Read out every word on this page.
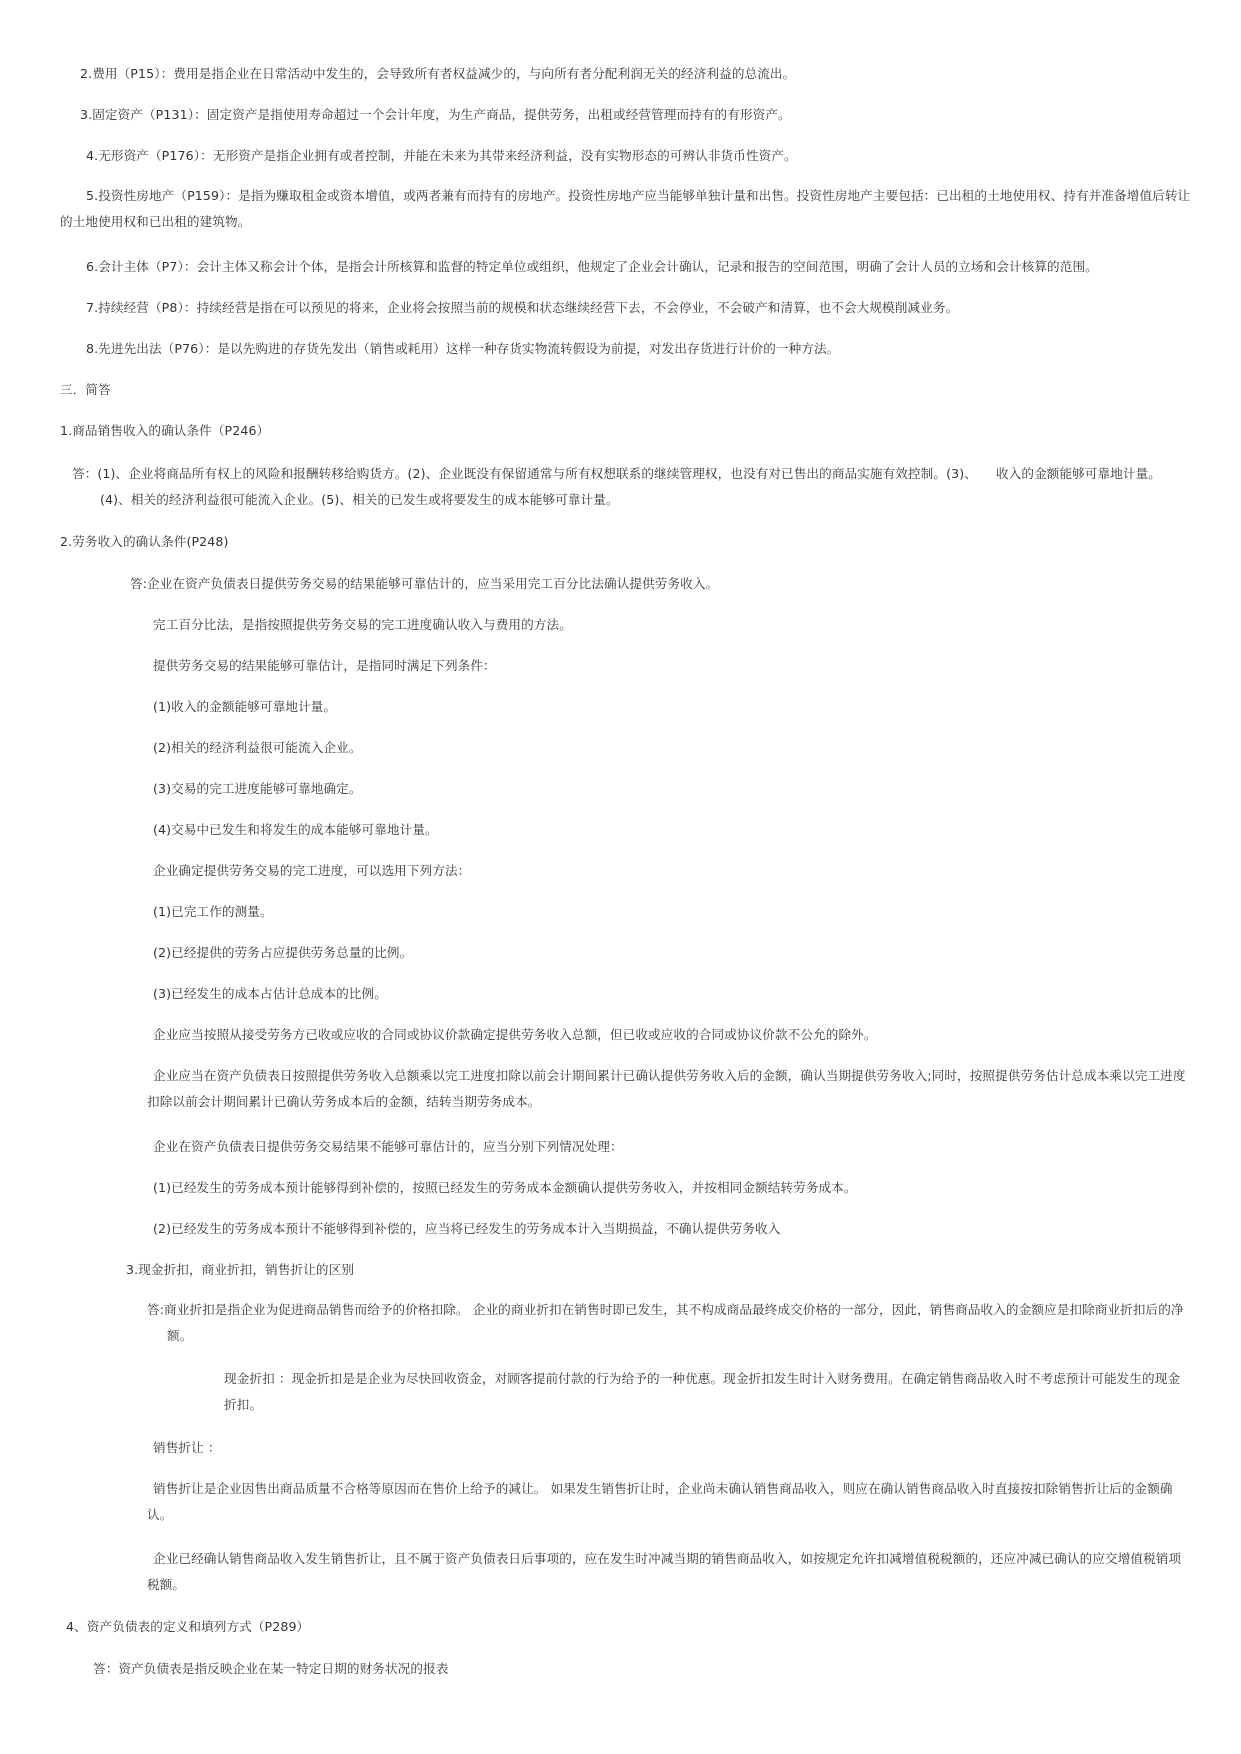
2.费用（P15）：费用是指企业在日常活动中发生的，会导致所有者权益减少的，与向所有者分配利润无关的经济利益的总流出。
3.固定资产（P131）：固定资产是指使用寿命超过一个会计年度，为生产商品，提供劳务，出租或经营管理而持有的有形资产。
4.无形资产（P176）：无形资产是指企业拥有或者控制，并能在未来为其带来经济利益，没有实物形态的可辨认非货币性资产。
5.投资性房地产（P159）：是指为赚取租金或资本增值，或两者兼有而持有的房地产。投资性房地产应当能够单独计量和出售。投资性房地产主要包括：已出租的土地使用权、持有并准备增值后转让的土地使用权和已出租的建筑物。
6.会计主体（P7）：会计主体又称会计个体，是指会计所核算和监督的特定单位或组织，他规定了企业会计确认，记录和报告的空间范围，明确了会计人员的立场和会计核算的范围。
7.持续经营（P8）：持续经营是指在可以预见的将来，企业将会按照当前的规模和状态继续经营下去，不会停业，不会破产和清算，也不会大规模削减业务。
8.先进先出法（P76）：是以先购进的存货先发出（销售或耗用）这样一种存货实物流转假设为前提，对发出存货进行计价的一种方法。
三．简答
1.商品销售收入的确认条件（P246）
答：(1)、企业将商品所有权上的风险和报酬转移给购货方。(2)、企业既没有保留通常与所有权想联系的继续管理权，也没有对已售出的商品实施有效控制。(3)、　　收入的金额能够可靠地计量。(4)、相关的经济利益很可能流入企业。(5)、相关的已发生或将要发生的成本能够可靠计量。
2.劳务收入的确认条件(P248)
答:企业在资产负债表日提供劳务交易的结果能够可靠估计的，应当采用完工百分比法确认提供劳务收入。
完工百分比法，是指按照提供劳务交易的完工进度确认收入与费用的方法。
提供劳务交易的结果能够可靠估计，是指同时满足下列条件：
(1)收入的金额能够可靠地计量。
(2)相关的经济利益很可能流入企业。
(3)交易的完工进度能够可靠地确定。
(4)交易中已发生和将发生的成本能够可靠地计量。
企业确定提供劳务交易的完工进度，可以选用下列方法：
(1)已完工作的测量。
(2)已经提供的劳务占应提供劳务总量的比例。
(3)已经发生的成本占估计总成本的比例。
企业应当按照从接受劳务方已收或应收的合同或协议价款确定提供劳务收入总额，但已收或应收的合同或协议价款不公允的除外。
企业应当在资产负债表日按照提供劳务收入总额乘以完工进度扣除以前会计期间累计已确认提供劳务收入后的金额，确认当期提供劳务收入;同时，按照提供劳务估计总成本乘以完工进度扣除以前会计期间累计已确认劳务成本后的金额，结转当期劳务成本。
企业在资产负债表日提供劳务交易结果不能够可靠估计的，应当分别下列情况处理：
(1)已经发生的劳务成本预计能够得到补偿的，按照已经发生的劳务成本金额确认提供劳务收入，并按相同金额结转劳务成本。
(2)已经发生的劳务成本预计不能够得到补偿的，应当将已经发生的劳务成本计入当期损益，不确认提供劳务收入
3.现金折扣，商业折扣，销售折让的区别
答:商业折扣是指企业为促进商品销售而给予的价格扣除。 企业的商业折扣在销售时即已发生，其不构成商品最终成交价格的一部分，因此，销售商品收入的金额应是扣除商业折扣后的净额。
现金折扣 ：现金折扣是是企业为尽快回收资金，对顾客提前付款的行为给予的一种优惠。现金折扣发生时计入财务费用。在确定销售商品收入时不考虑预计可能发生的现金折扣。
销售折让 ：
销售折让是企业因售出商品质量不合格等原因而在售价上给予的减让。 如果发生销售折让时，企业尚未确认销售商品收入，则应在确认销售商品收入时直接按扣除销售折让后的金额确认。
企业已经确认销售商品收入发生销售折让，且不属于资产负债表日后事项的，应在发生时冲减当期的销售商品收入，如按规定允许扣减增值税税额的，还应冲减已确认的应交增值税销项税额。
4、资产负债表的定义和填列方式（P289）
答：资产负债表是指反映企业在某一特定日期的财务状况的报表
